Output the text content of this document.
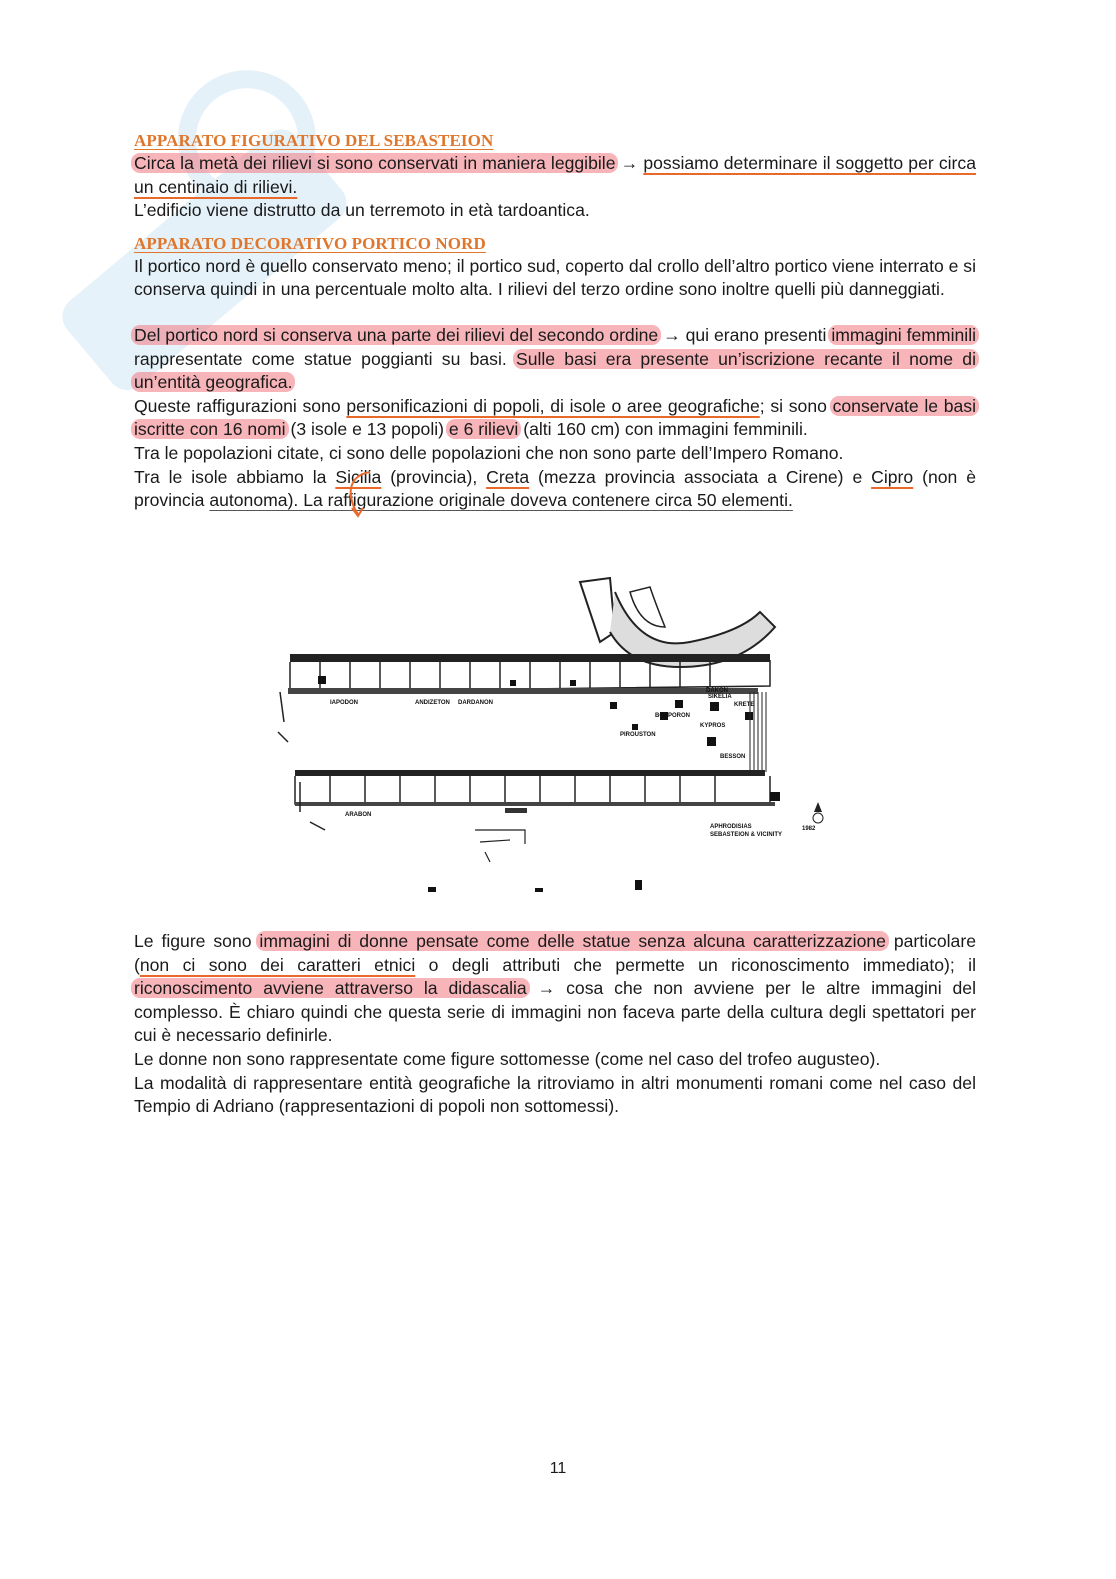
APPARATO FIGURATIVO DEL SEBASTEION

Circa la metà dei rilievi si sono conservati in maniera leggibile → possiamo determinare il soggetto per circa un centinaio di rilievi.
L’edificio viene distrutto da un terremoto in età tardoantica.

APPARATO DECORATIVO PORTICO NORD

Il portico nord è quello conservato meno; il portico sud, coperto dal crollo dell’altro portico viene interrato e si conserva quindi in una percentuale molto alta. I rilievi del terzo ordine sono inoltre quelli più danneggiati.

Del portico nord si conserva una parte dei rilievi del secondo ordine → qui erano presenti immagini femminili rappresentate come statue poggianti su basi. Sulle basi era presente un’iscrizione recante il nome di un’entità geografica.

Queste raffigurazioni sono personificazioni di popoli, di isole o aree geografiche; si sono conservate le basi iscritte con 16 nomi (3 isole e 13 popoli) e 6 rilievi (alti 160 cm) con immagini femminili.

Tra le popolazioni citate, ci sono delle popolazioni che non sono parte dell’Impero Romano.

Tra le isole abbiamo la Sicilia (provincia), Creta (mezza provincia associata a Cirene) e Cipro (non è provincia autonoma). La raffigurazione originale doveva contenere circa 50 elementi.

IAPODON	ANDIZETON DARDANON
BOSPORON
KRETE
KYPROS
SIKELIA
BESSON
PIROUSTON
DAKON
ARABON
APHRODISIAS
SEBASTEION & VICINITY
1982

Le figure sono immagini di donne pensate come delle statue senza alcuna caratterizzazione particolare (non ci sono dei caratteri etnici o degli attributi che permette un riconoscimento immediato); il riconoscimento avviene attraverso la didascalia → cosa che non avviene per le altre immagini del complesso. È chiaro quindi che questa serie di immagini non faceva parte della cultura degli spettatori per cui è necessario definirle.

Le donne non sono rappresentate come figure sottomesse (come nel caso del trofeo augusteo).

La modalità di rappresentare entità geografiche la ritroviamo in altri monumenti romani come nel caso del Tempio di Adriano (rappresentazioni di popoli non sottomessi).

11
